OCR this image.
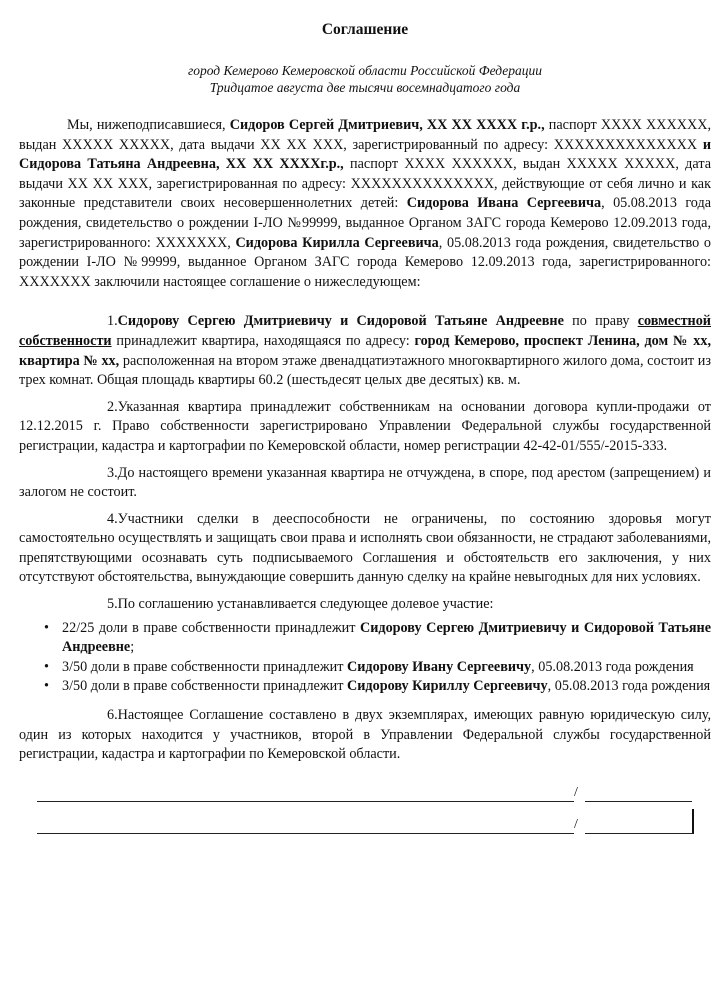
Соглашение
город Кемерово Кемеровской области Российской Федерации
Тридцатое августа две тысячи восемнадцатого года

Мы, нижеподписавшиеся, Сидоров Сергей Дмитриевич, ХХ ХХ ХХХХ г.р., паспорт ХХХХ ХХХХХХ, выдан ХХХХХ ХХХХХ, дата выдачи ХХ ХХ ХХХ, зарегистрированный по адресу: ХХХХХХХХХХХХХХ и Сидорова Татьяна Андреевна, ХХ ХХ ХХХХг.р., паспорт ХХХХ ХХХХХХ, выдан ХХХХХ ХХХХХ, дата выдачи ХХ ХХ ХХХ, зарегистрированная по адресу: ХХХХХХХХХХХХХХ, действующие от себя лично и как законные представители своих несовершеннолетних детей: Сидорова Ивана Сергеевича, 05.08.2013 года рождения, свидетельство о рождении I-ЛО №99999, выданное Органом ЗАГС города Кемерово 12.09.2013 года, зарегистрированного: ХХХХХХХ, Сидорова Кирилла Сергеевича, 05.08.2013 года рождения, свидетельство о рождении I-ЛО №99999, выданное Органом ЗАГС города Кемерово 12.09.2013 года, зарегистрированного: ХХХХХХХ заключили настоящее соглашение о нижеследующем:

1.Сидорову Сергею Дмитриевичу и Сидоровой Татьяне Андреевне по праву совместной собственности принадлежит квартира, находящаяся по адресу: город Кемерово, проспект Ленина, дом № хх, квартира № хх, расположенная на втором этаже двенадцатиэтажного многоквартирного жилого дома, состоит из трех комнат. Общая площадь квартиры 60.2 (шестьдесят целых две десятых) кв. м.

2.Указанная квартира принадлежит собственникам на основании договора купли-продажи от 12.12.2015 г. Право собственности зарегистрировано Управлении Федеральной службы государственной регистрации, кадастра и картографии по Кемеровской области, номер регистрации 42-42-01/555/-2015-333.

3.До настоящего времени указанная квартира не отчуждена, в споре, под арестом (запрещением) и залогом не состоит.

4.Участники сделки в дееспособности не ограничены, по состоянию здоровья могут самостоятельно осуществлять и защищать свои права и исполнять свои обязанности, не страдают заболеваниями, препятствующими осознавать суть подписываемого Соглашения и обстоятельств его заключения, у них отсутствуют обстоятельства, вынуждающие совершить данную сделку на крайне невыгодных для них условиях.

5.По соглашению устанавливается следующее долевое участие:

• 22/25 доли в праве собственности принадлежит Сидорову Сергею Дмитриевичу и Сидоровой Татьяне Андреевне;
• 3/50 доли в праве собственности принадлежит Сидорову Ивану Сергеевичу, 05.08.2013 года рождения
• 3/50 доли в праве собственности принадлежит Сидорову Кириллу Сергеевичу, 05.08.2013 года рождения

6.Настоящее Соглашение составлено в двух экземплярах, имеющих равную юридическую силу, один из которых находится у участников, второй в Управлении Федеральной службы государственной регистрации, кадастра и картографии по Кемеровской области.

/
/
